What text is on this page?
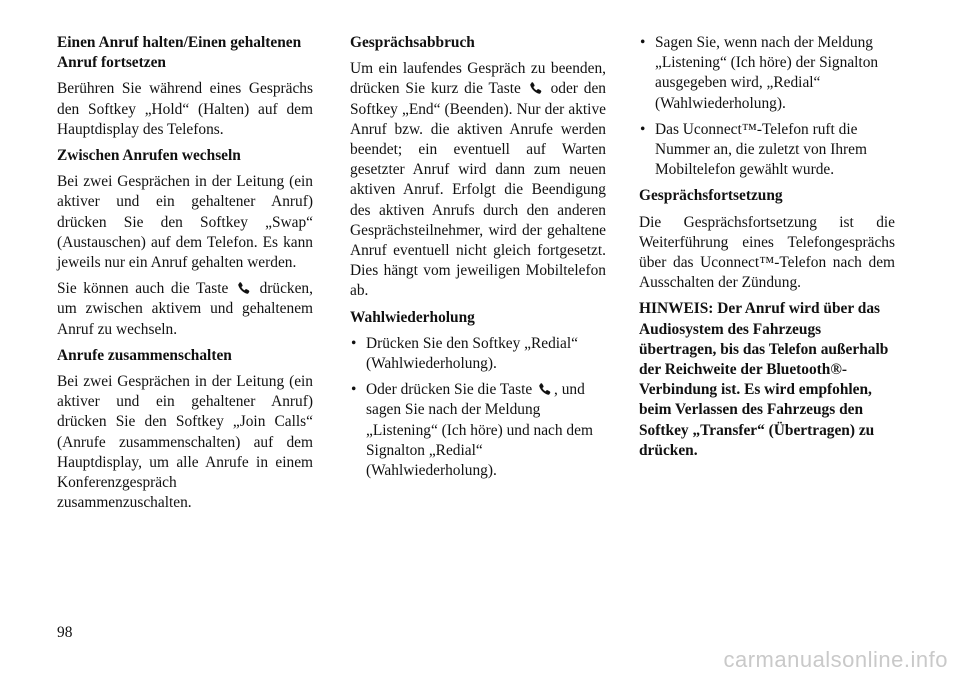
Einen Anruf halten/Einen gehaltenen Anruf fortsetzen
Berühren Sie während eines Gesprächs den Softkey „Hold“ (Halten) auf dem Hauptdisplay des Telefons.
Zwischen Anrufen wechseln
Bei zwei Gesprächen in der Leitung (ein aktiver und ein gehaltener Anruf) drücken Sie den Softkey „Swap“ (Austauschen) auf dem Telefon. Es kann jeweils nur ein Anruf gehalten werden.
Sie können auch die Taste drücken, um zwischen aktivem und gehaltenem Anruf zu wechseln.
Anrufe zusammenschalten
Bei zwei Gesprächen in der Leitung (ein aktiver und ein gehaltener Anruf) drücken Sie den Softkey „Join Calls“ (Anrufe zusammenschalten) auf dem Hauptdisplay, um alle Anrufe in einem Konferenzgespräch zusammenzuschalten.
Gesprächsabbruch
Um ein laufendes Gespräch zu beenden, drücken Sie kurz die Taste oder den Softkey „End“ (Beenden). Nur der aktive Anruf bzw. die aktiven Anrufe werden beendet; ein eventuell auf Warten gesetzter Anruf wird dann zum neuen aktiven Anruf. Erfolgt die Beendigung des aktiven Anrufs durch den anderen Gesprächsteilnehmer, wird der gehaltene Anruf eventuell nicht gleich fortgesetzt. Dies hängt vom jeweiligen Mobiltelefon ab.
Wahlwiederholung
• Drücken Sie den Softkey „Redial“ (Wahlwiederholung).
• Oder drücken Sie die Taste , und sagen Sie nach der Meldung „Listening“ (Ich höre) und nach dem Signalton „Redial“ (Wahlwiederholung).
• Sagen Sie, wenn nach der Meldung „Listening“ (Ich höre) der Signalton ausgegeben wird, „Redial“ (Wahlwiederholung).
• Das Uconnect™-Telefon ruft die Nummer an, die zuletzt von Ihrem Mobiltelefon gewählt wurde.
Gesprächsfortsetzung
Die Gesprächsfortsetzung ist die Weiterführung eines Telefongesprächs über das Uconnect™-Telefon nach dem Ausschalten der Zündung.
HINWEIS: Der Anruf wird über das Audiosystem des Fahrzeugs übertragen, bis das Telefon außerhalb der Reichweite der Bluetooth®-Verbindung ist. Es wird empfohlen, beim Verlassen des Fahrzeugs den Softkey „Transfer“ (Übertragen) zu drücken.
98
carmanualsonline.info
